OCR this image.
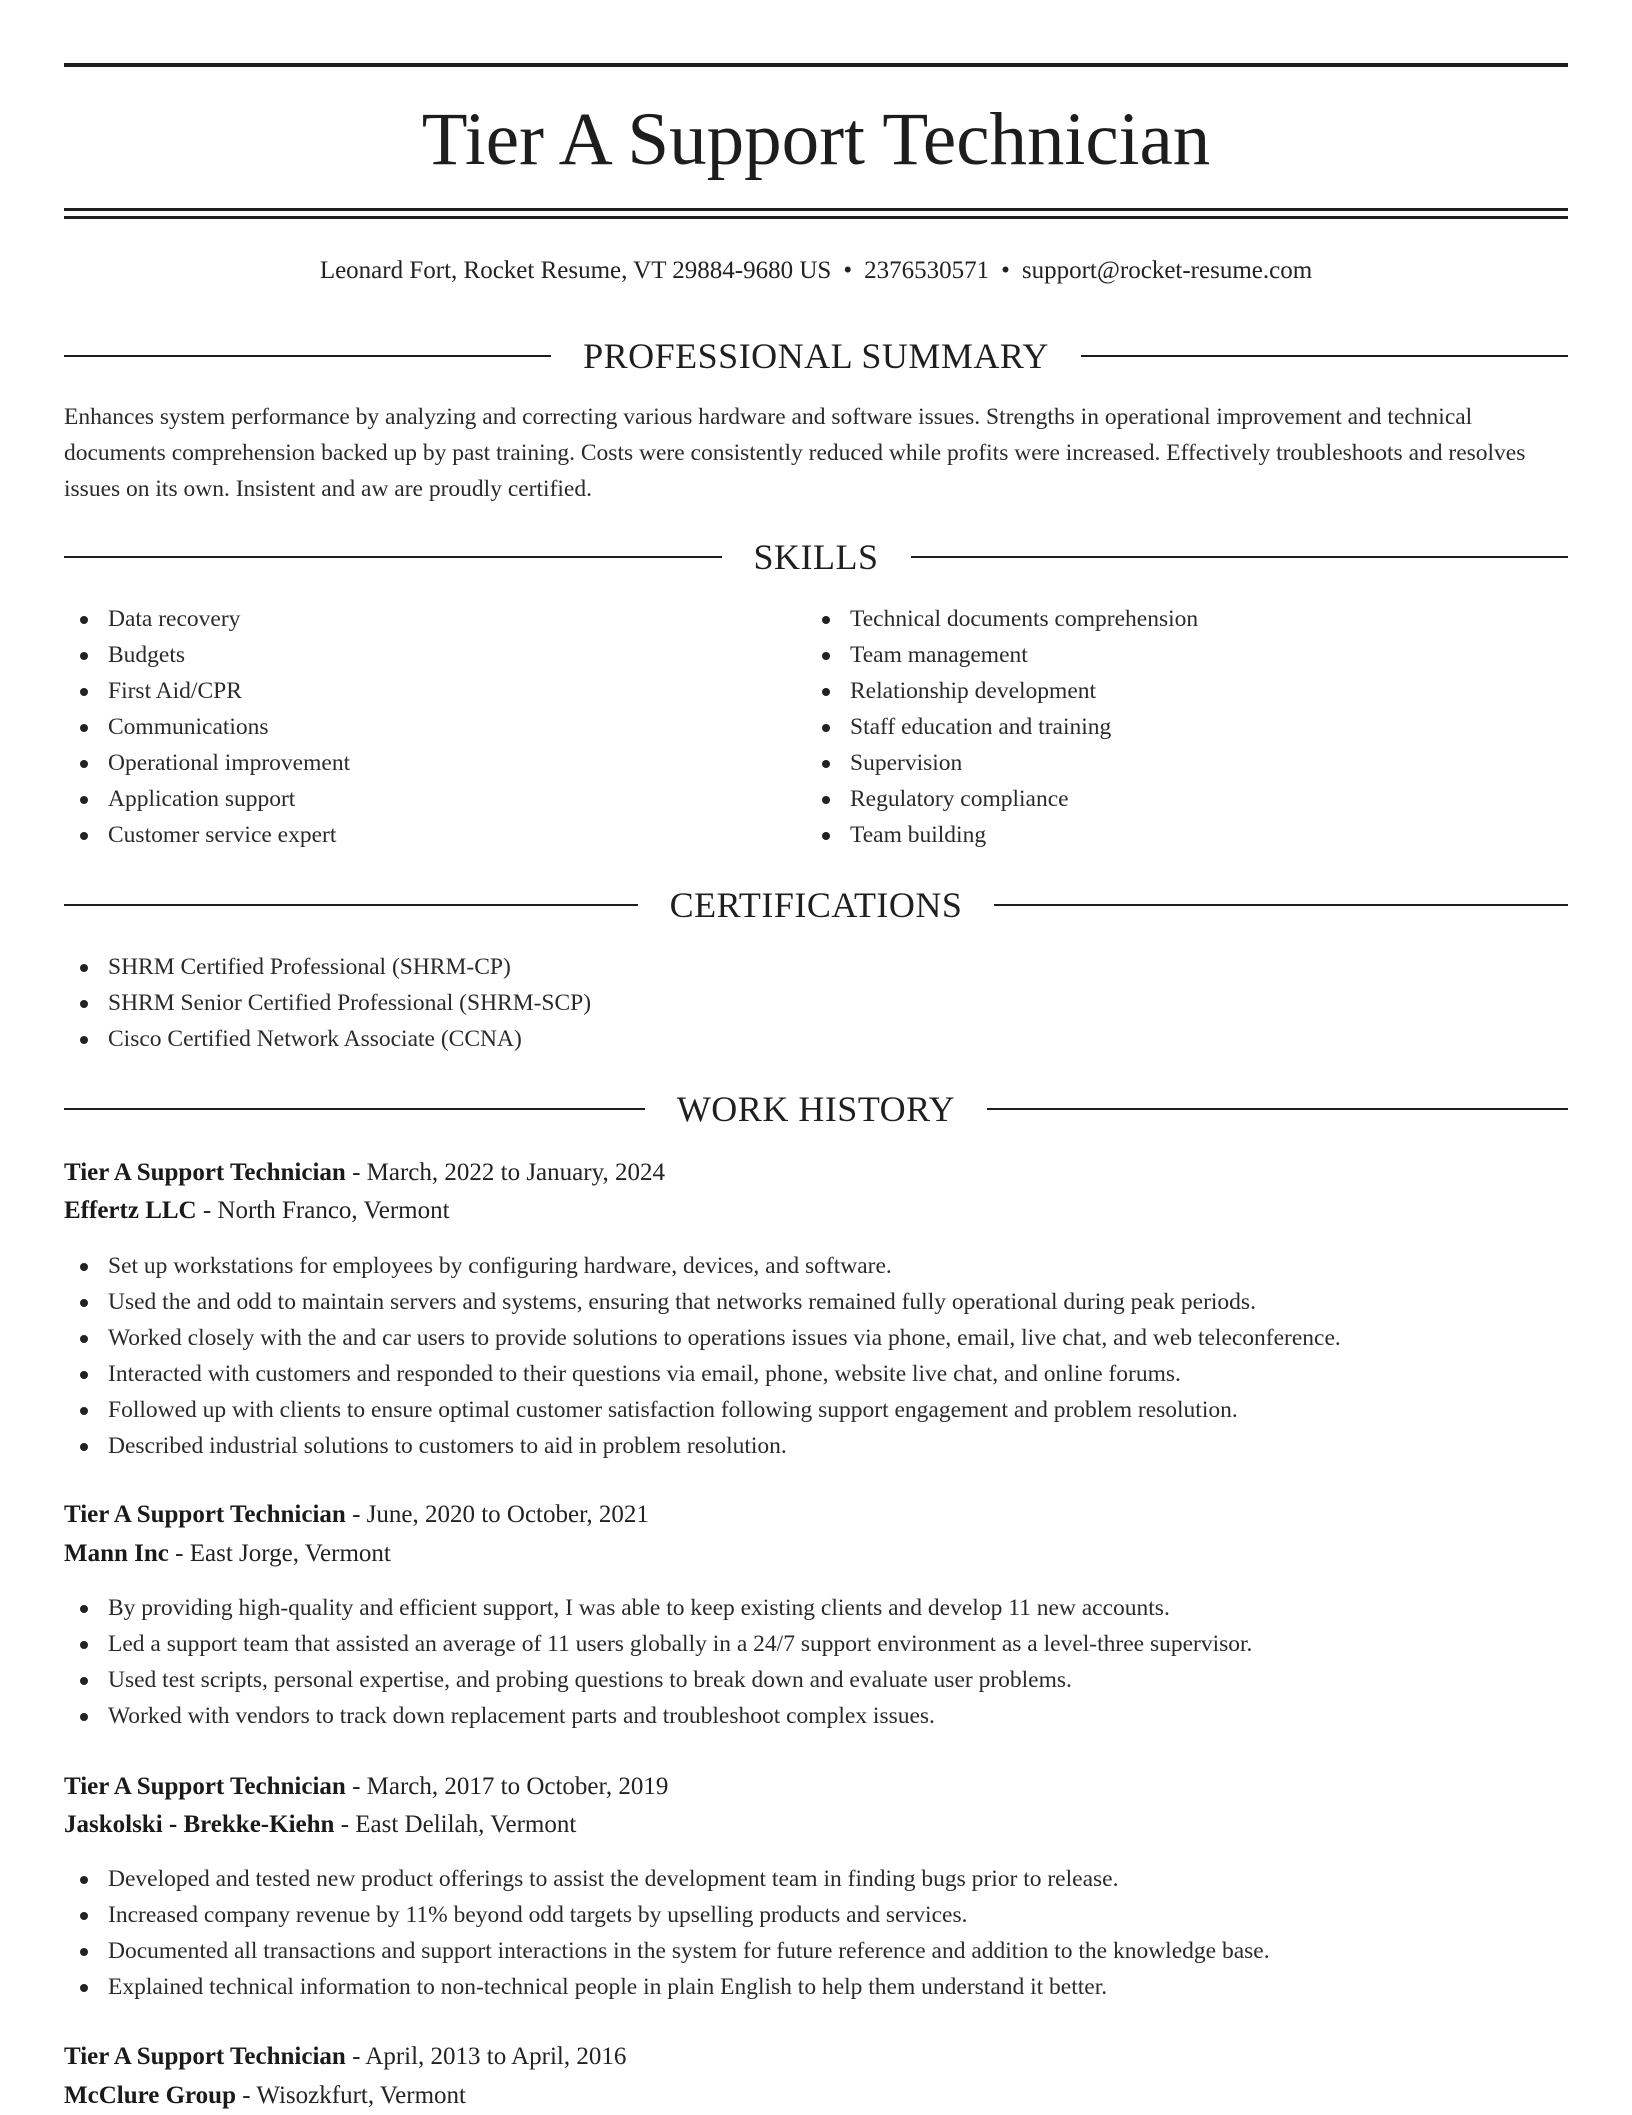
Tier A Support Technician
Leonard Fort, Rocket Resume, VT 29884-9680 US • 2376530571 • support@rocket-resume.com
PROFESSIONAL SUMMARY

Enhances system performance by analyzing and correcting various hardware and software issues. Strengths in operational improvement and technical documents comprehension backed up by past training. Costs were consistently reduced while profits were increased. Effectively troubleshoots and resolves issues on its own. Insistent and aw are proudly certified.

SKILLS
Data recovery
Budgets
First Aid/CPR
Communications
Operational improvement
Application support
Customer service expert
Technical documents comprehension
Team management
Relationship development
Staff education and training
Supervision
Regulatory compliance
Team building
CERTIFICATIONS
SHRM Certified Professional (SHRM-CP)
SHRM Senior Certified Professional (SHRM-SCP)
Cisco Certified Network Associate (CCNA)
WORK HISTORY
Tier A Support Technician - March, 2022 to January, 2024
Effertz LLC - North Franco, Vermont
Set up workstations for employees by configuring hardware, devices, and software.
Used the and odd to maintain servers and systems, ensuring that networks remained fully operational during peak periods.
Worked closely with the and car users to provide solutions to operations issues via phone, email, live chat, and web teleconference.
Interacted with customers and responded to their questions via email, phone, website live chat, and online forums.
Followed up with clients to ensure optimal customer satisfaction following support engagement and problem resolution.
Described industrial solutions to customers to aid in problem resolution.
Tier A Support Technician - June, 2020 to October, 2021
Mann Inc - East Jorge, Vermont
By providing high-quality and efficient support, I was able to keep existing clients and develop 11 new accounts.
Led a support team that assisted an average of 11 users globally in a 24/7 support environment as a level-three supervisor.
Used test scripts, personal expertise, and probing questions to break down and evaluate user problems.
Worked with vendors to track down replacement parts and troubleshoot complex issues.
Tier A Support Technician - March, 2017 to October, 2019
Jaskolski - Brekke-Kiehn - East Delilah, Vermont
Developed and tested new product offerings to assist the development team in finding bugs prior to release.
Increased company revenue by 11% beyond odd targets by upselling products and services.
Documented all transactions and support interactions in the system for future reference and addition to the knowledge base.
Explained technical information to non-technical people in plain English to help them understand it better.
Tier A Support Technician - April, 2013 to April, 2016
McClure Group - Wisozkfurt, Vermont
